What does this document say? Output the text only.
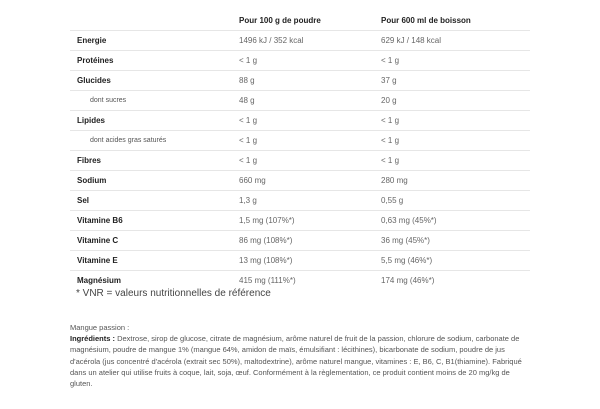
	Pour 100 g de poudre	Pour 600 ml de boisson
Energie	1496 kJ / 352 kcal	629 kJ / 148 kcal
Protéines	< 1 g	< 1 g
Glucides	88 g	37 g
dont sucres	48 g	20 g
Lipides	< 1 g	< 1 g
dont acides gras saturés	< 1 g	< 1 g
Fibres	< 1 g	< 1 g
Sodium	660 mg	280 mg
Sel	1,3 g	0,55 g
Vitamine B6	1,5 mg (107%*)	0,63 mg (45%*)
Vitamine C	86 mg (108%*)	36 mg (45%*)
Vitamine E	13 mg (108%*)	5,5 mg (46%*)
Magnésium	415 mg (111%*)	174 mg (46%*)
* VNR = valeurs nutritionnelles de référence
Mangue passion :
Ingrédients : Dextrose, sirop de glucose, citrate de magnésium, arôme naturel de fruit de la passion, chlorure de sodium, carbonate de magnésium, poudre de mangue 1% (mangue 64%, amidon de maïs, émulsifiant : lécithines), bicarbonate de sodium, poudre de jus d'acérola (jus concentré d'acérola (extrait sec 50%), maltodextrine), arôme naturel mangue, vitamines : E, B6, C, B1(thiamine). Fabriqué dans un atelier qui utilise fruits à coque, lait, soja, œuf. Conformément à la règlementation, ce produit contient moins de 20 mg/kg de gluten.
